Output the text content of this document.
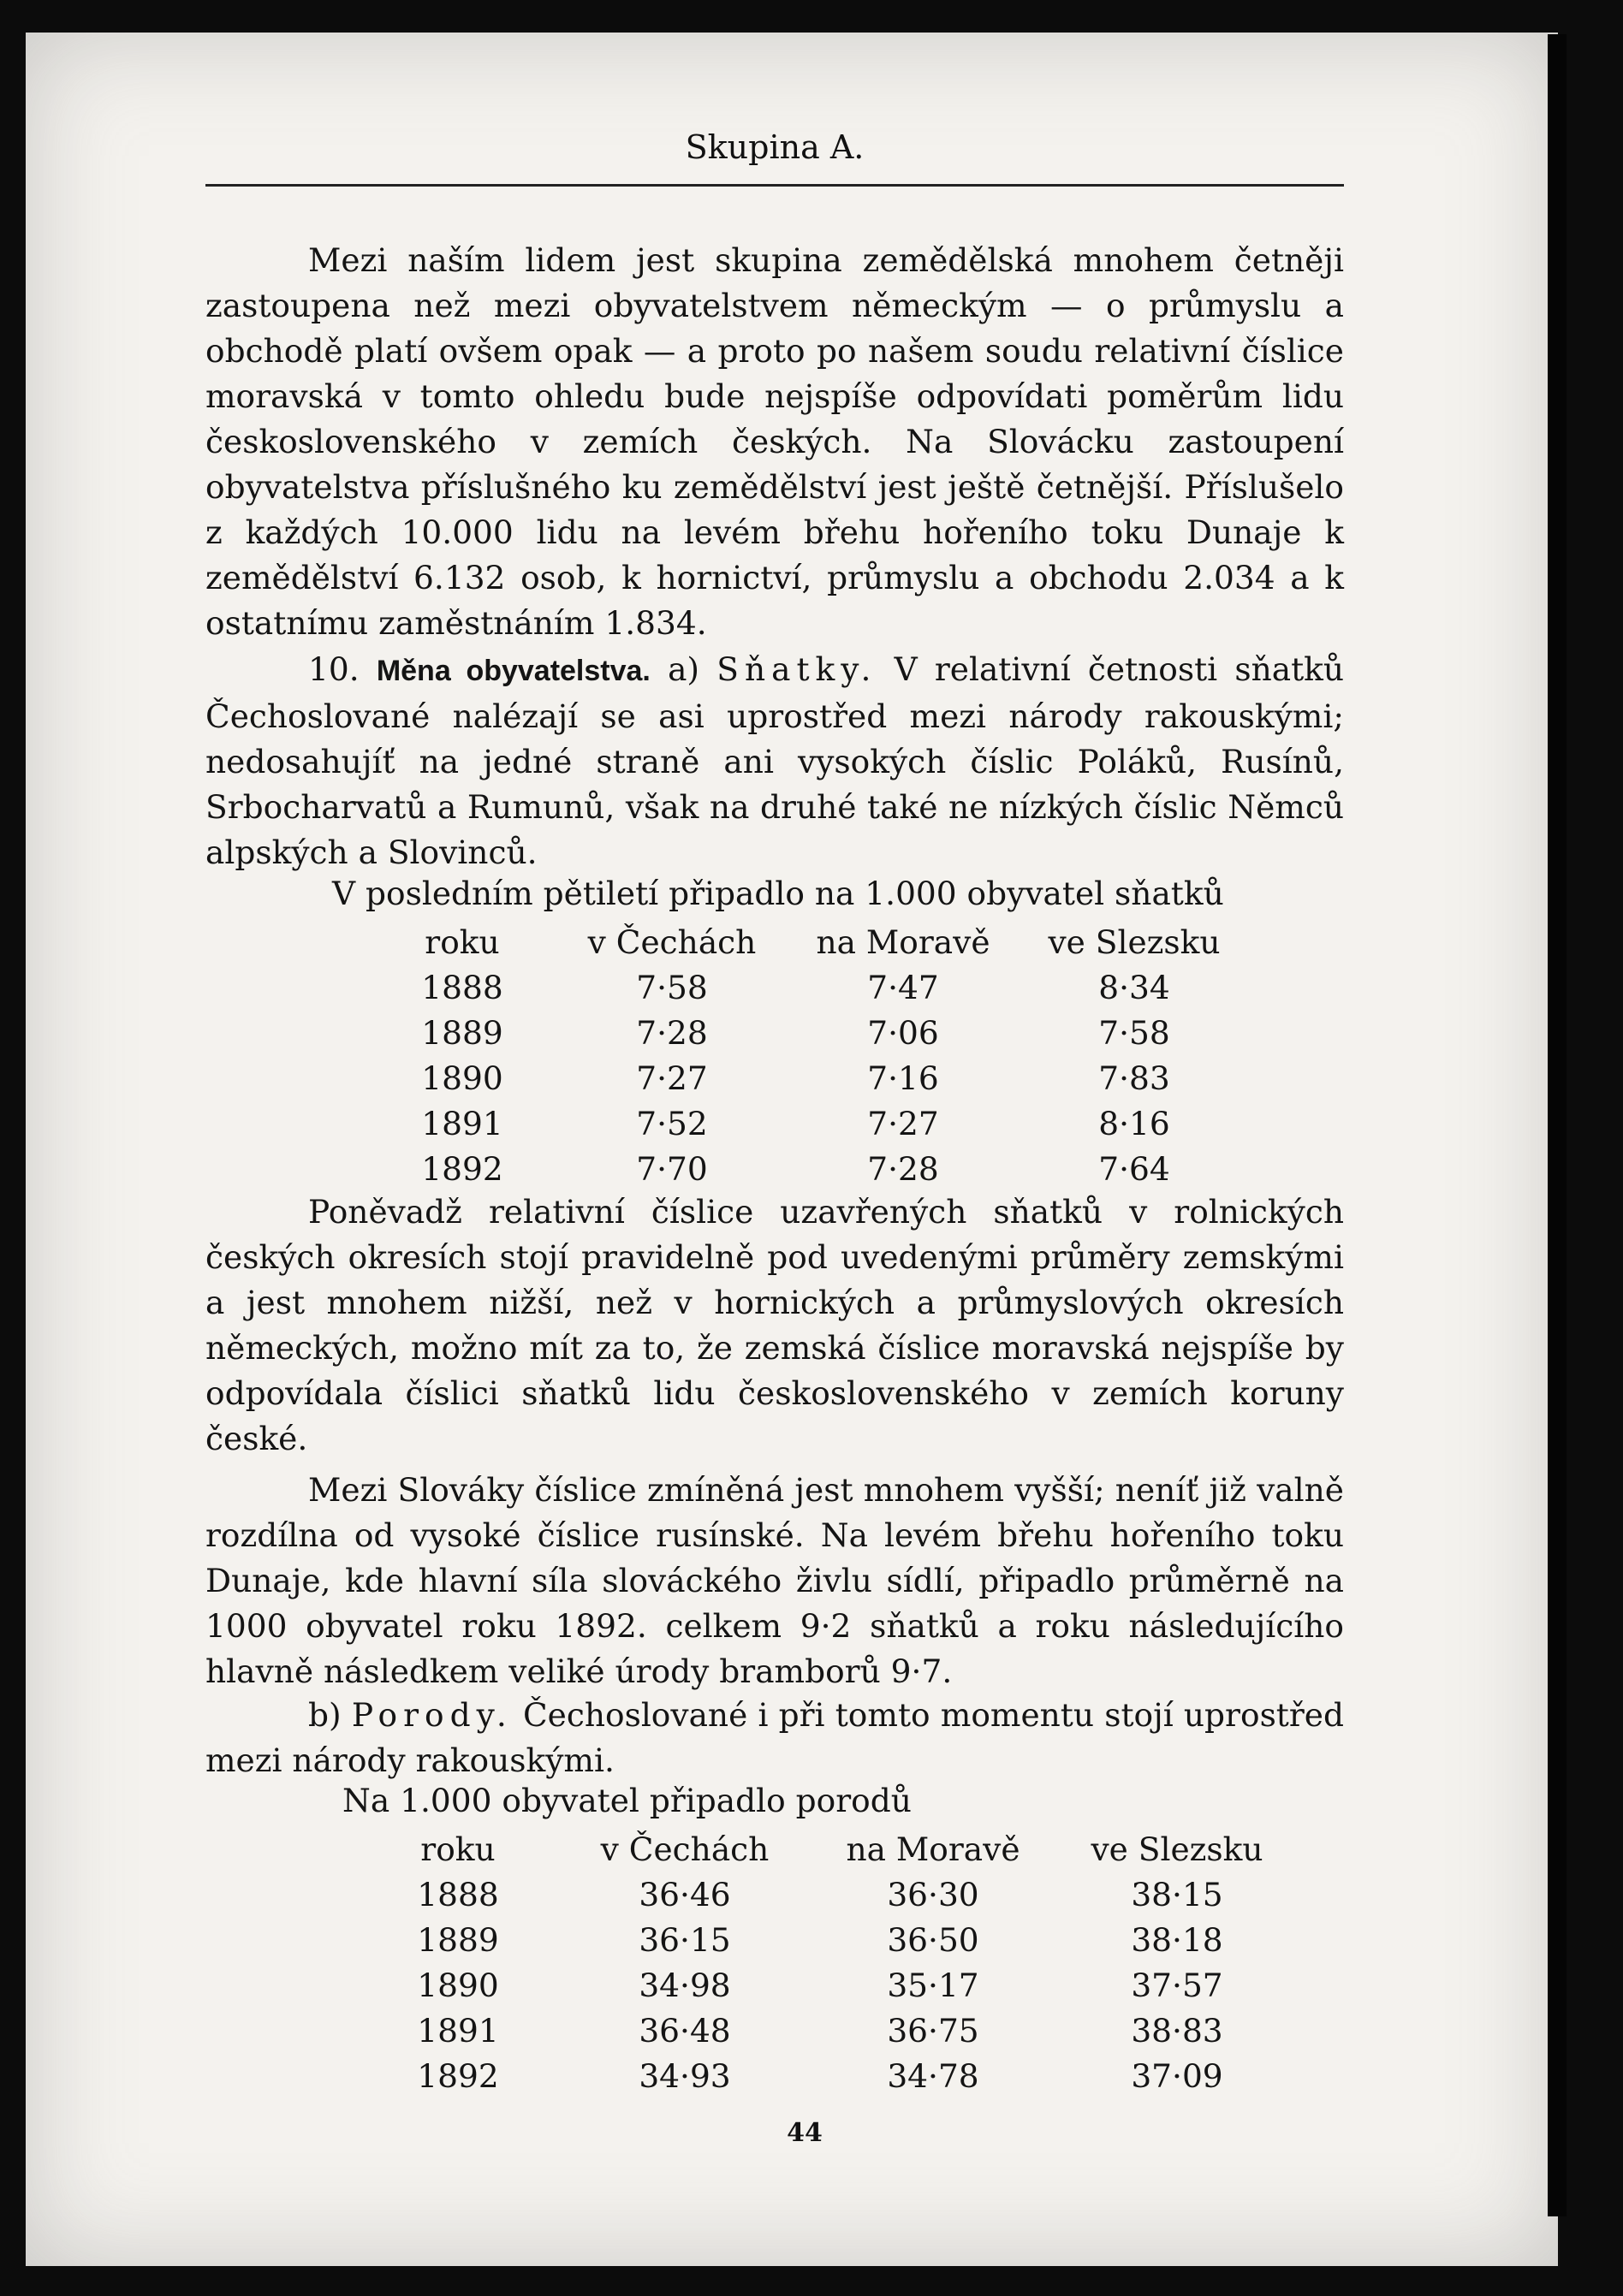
Skupina A.

Mezi naším lidem jest skupina zemědělská mnohem četněji zastoupena než mezi obyvatelstvem německým — o průmyslu a obchodě platí ovšem opak — a proto po našem soudu relativní číslice moravská v tomto ohledu bude nejspíše odpovídati poměrům lidu československého v zemích českých. Na Slovácku zastoupení obyvatelstva příslušného ku zemědělství jest ještě četnější. Příslušelo z každých 10.000 lidu na levém břehu hořeního toku Dunaje k zemědělství 6.132 osob, k hornictví, průmyslu a obchodu 2.034 a k ostatnímu zaměstnáním 1.834.

10. Měna obyvatelstva. a) Sňatky. V relativní četnosti sňatků Čechoslované nalézají se asi uprostřed mezi národy rakouskými; nedosahujíť na jedné straně ani vysokých číslic Poláků, Rusínů, Srbocharvatů a Rumunů, však na druhé také ne nízkých číslic Němců alpských a Slovinců.

V posledním pětiletí připadlo na 1.000 obyvatel sňatků
roku	v Čechách	na Moravě	ve Slezsku
1888	7·58	7·47	8·34
1889	7·28	7·06	7·58
1890	7·27	7·16	7·83
1891	7·52	7·27	8·16
1892	7·70	7·28	7·64

Poněvadž relativní číslice uzavřených sňatků v rolnických českých okresích stojí pravidelně pod uvedenými průměry zemskými a jest mnohem nižší, než v hornických a průmyslových okresích německých, možno mít za to, že zemská číslice moravská nejspíše by odpovídala číslici sňatků lidu československého v zemích koruny české.

Mezi Slováky číslice zmíněná jest mnohem vyšší; neníť již valně rozdílna od vysoké číslice rusínské. Na levém břehu hořeního toku Dunaje, kde hlavní síla slováckého živlu sídlí, připadlo průměrně na 1000 obyvatel roku 1892. celkem 9·2 sňatků a roku následujícího hlavně následkem veliké úrody bramborů 9·7.

b) Porody. Čechoslované i při tomto momentu stojí uprostřed mezi národy rakouskými.

Na 1.000 obyvatel připadlo porodů
roku	v Čechách	na Moravě	ve Slezsku
1888	36·46	36·30	38·15
1889	36·15	36·50	38·18
1890	34·98	35·17	37·57
1891	36·48	36·75	38·83
1892	34·93	34·78	37·09
44
